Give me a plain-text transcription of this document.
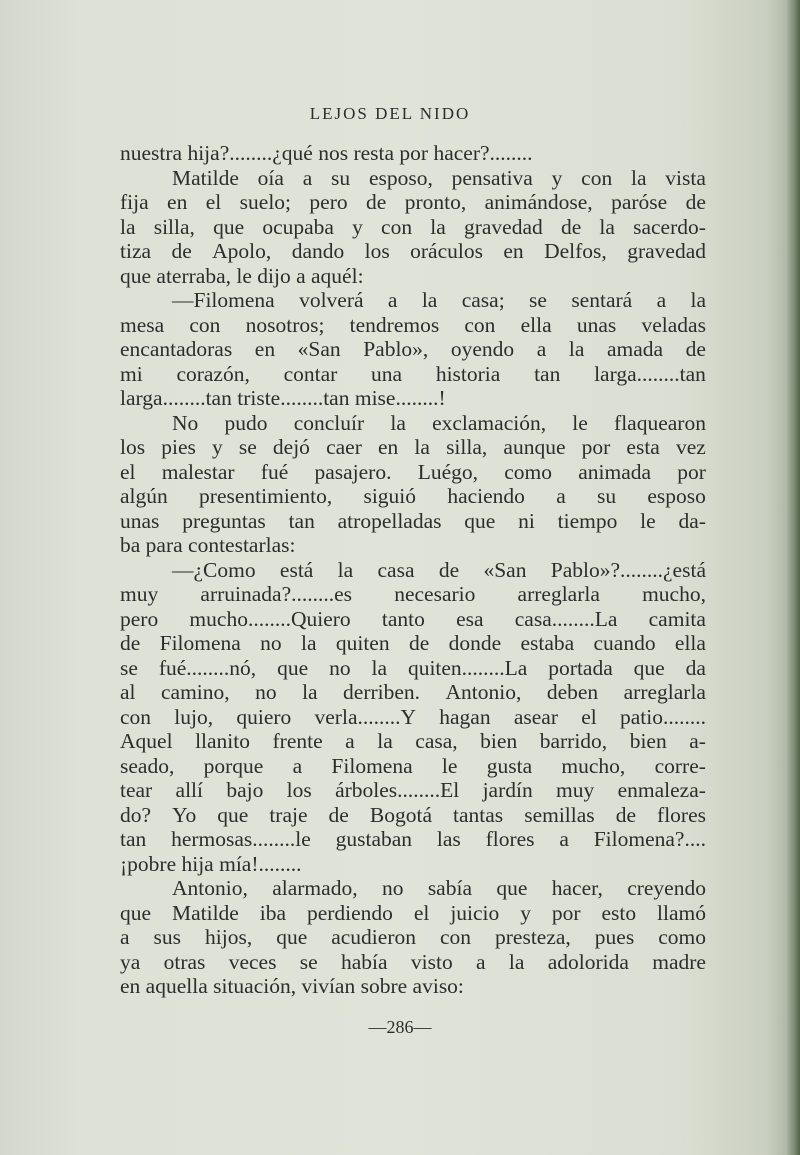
LEJOS DEL NIDO
nuestra hija?........¿qué nos resta por hacer?........
Matilde oía a su esposo, pensativa y con la vista
fija en el suelo; pero de pronto, animándose, paróse de
la silla, que ocupaba y con la gravedad de la sacerdo-
tiza de Apolo, dando los oráculos en Delfos, gravedad
que aterraba, le dijo a aquél:
—Filomena volverá a la casa; se sentará a la
mesa con nosotros; tendremos con ella unas veladas
encantadoras en «San Pablo», oyendo a la amada de
mi corazón, contar una historia tan larga........tan
larga........tan triste........tan mise........!
No pudo concluír la exclamación, le flaquearon
los pies y se dejó caer en la silla, aunque por esta vez
el malestar fué pasajero. Luégo, como animada por
algún presentimiento, siguió haciendo a su esposo
unas preguntas tan atropelladas que ni tiempo le da-
ba para contestarlas:
—¿Como está la casa de «San Pablo»?........¿está
muy arruinada?........es necesario arreglarla mucho,
pero mucho........Quiero tanto esa casa........La camita
de Filomena no la quiten de donde estaba cuando ella
se fué........nó, que no la quiten........La portada que da
al camino, no la derriben. Antonio, deben arreglarla
con lujo, quiero verla........Y hagan asear el patio........
Aquel llanito frente a la casa, bien barrido, bien a-
seado, porque a Filomena le gusta mucho, corre-
tear allí bajo los árboles........El jardín muy enmaleza-
do? Yo que traje de Bogotá tantas semillas de flores
tan hermosas........le gustaban las flores a Filomena?....
¡pobre hija mía!........
Antonio, alarmado, no sabía que hacer, creyendo
que Matilde iba perdiendo el juicio y por esto llamó
a sus hijos, que acudieron con presteza, pues como
ya otras veces se había visto a la adolorida madre
en aquella situación, vivían sobre aviso:
—286—
